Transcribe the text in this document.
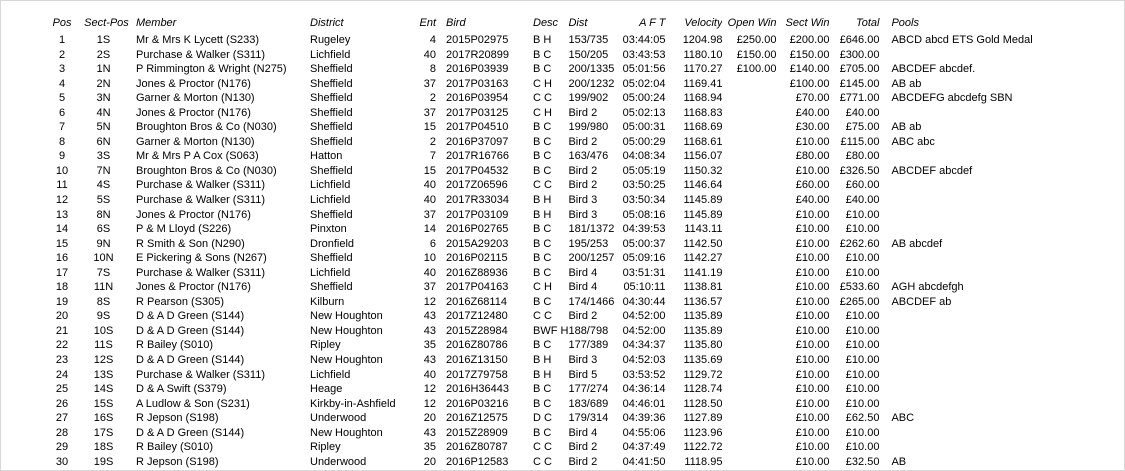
Pos	Sect-Pos	Member	District	Ent	Bird	Desc	Dist	A F T	Velocity	Open Win	Sect Win	Total	Pools
1	1S	Mr & Mrs K Lycett (S233)	Rugeley	4	2015P02975	B H	153/735	03:44:05	1204.98	£250.00	£200.00	£646.00	ABCD abcd ETS Gold Medal
2	2S	Purchase & Walker (S311)	Lichfield	40	2017R20899	B C	150/205	03:43:53	1180.10	£150.00	£150.00	£300.00	
3	1N	P Rimmington & Wright (N275)	Sheffield	8	2016P03939	B C	200/1335	05:01:56	1170.27	£100.00	£140.00	£705.00	ABCDEF abcdef.
4	2N	Jones & Proctor (N176)	Sheffield	37	2017P03163	C H	200/1232	05:02:04	1169.41		£100.00	£145.00	AB ab
5	3N	Garner & Morton (N130)	Sheffield	2	2016P03954	C C	199/902	05:00:24	1168.94		£70.00	£771.00	ABCDEFG abcdefg SBN
6	4N	Jones & Proctor (N176)	Sheffield	37	2017P03125	C H	Bird 2	05:02:13	1168.83		£40.00	£40.00	
7	5N	Broughton Bros & Co (N030)	Sheffield	15	2017P04510	B C	199/980	05:00:31	1168.69		£30.00	£75.00	AB ab
8	6N	Garner & Morton (N130)	Sheffield	2	2016P37097	B C	Bird 2	05:00:29	1168.61		£10.00	£115.00	ABC abc
9	3S	Mr & Mrs P A Cox (S063)	Hatton	7	2017R16766	B C	163/476	04:08:34	1156.07		£80.00	£80.00	
10	7N	Broughton Bros & Co (N030)	Sheffield	15	2017P04532	B C	Bird 2	05:05:19	1150.32		£10.00	£326.50	ABCDEF abcdef
11	4S	Purchase & Walker (S311)	Lichfield	40	2017Z06596	C C	Bird 2	03:50:25	1146.64		£60.00	£60.00	
12	5S	Purchase & Walker (S311)	Lichfield	40	2017R33034	B H	Bird 3	03:50:34	1145.89		£40.00	£40.00	
13	8N	Jones & Proctor (N176)	Sheffield	37	2017P03109	B H	Bird 3	05:08:16	1145.89		£10.00	£10.00	
14	6S	P & M Lloyd (S226)	Pinxton	14	2016P02765	B C	181/1372	04:39:53	1143.11		£10.00	£10.00	
15	9N	R Smith & Son (N290)	Dronfield	6	2015A29203	B C	195/253	05:00:37	1142.50		£10.00	£262.60	AB abcdef
16	10N	E Pickering & Sons (N267)	Sheffield	10	2016P02115	B C	200/1257	05:09:16	1142.27		£10.00	£10.00	
17	7S	Purchase & Walker (S311)	Lichfield	40	2016Z88936	B C	Bird 4	03:51:31	1141.19		£10.00	£10.00	
18	11N	Jones & Proctor (N176)	Sheffield	37	2017P04163	C H	Bird 4	05:10:11	1138.81		£10.00	£533.60	AGH abcdefgh
19	8S	R Pearson (S305)	Kilburn	12	2016Z68114	B C	174/1466	04:30:44	1136.57		£10.00	£265.00	ABCDEF ab
20	9S	D & A D Green (S144)	New Houghton	43	2017Z12480	C C	Bird 2	04:52:00	1135.89		£10.00	£10.00	
21	10S	D & A D Green (S144)	New Houghton	43	2015Z28984	BWF H	188/798	04:52:00	1135.89		£10.00	£10.00	
22	11S	R Bailey (S010)	Ripley	35	2016Z80786	B C	177/389	04:34:37	1135.80		£10.00	£10.00	
23	12S	D & A D Green (S144)	New Houghton	43	2016Z13150	B H	Bird 3	04:52:03	1135.69		£10.00	£10.00	
24	13S	Purchase & Walker (S311)	Lichfield	40	2017Z79758	B H	Bird 5	03:53:52	1129.72		£10.00	£10.00	
25	14S	D & A Swift (S379)	Heage	12	2016H36443	B C	177/274	04:36:14	1128.74		£10.00	£10.00	
26	15S	A Ludlow & Son (S231)	Kirkby-in-Ashfield	12	2016P03216	B C	183/689	04:46:01	1128.50		£10.00	£10.00	
27	16S	R Jepson (S198)	Underwood	20	2016Z12575	D C	179/314	04:39:36	1127.89		£10.00	£62.50	ABC
28	17S	D & A D Green (S144)	New Houghton	43	2015Z28909	B C	Bird 4	04:55:06	1123.96		£10.00	£10.00	
29	18S	R Bailey (S010)	Ripley	35	2016Z80787	C C	Bird 2	04:37:49	1122.72		£10.00	£10.00	
30	19S	R Jepson (S198)	Underwood	20	2016P12583	C C	Bird 2	04:41:50	1118.95		£10.00	£32.50	AB
